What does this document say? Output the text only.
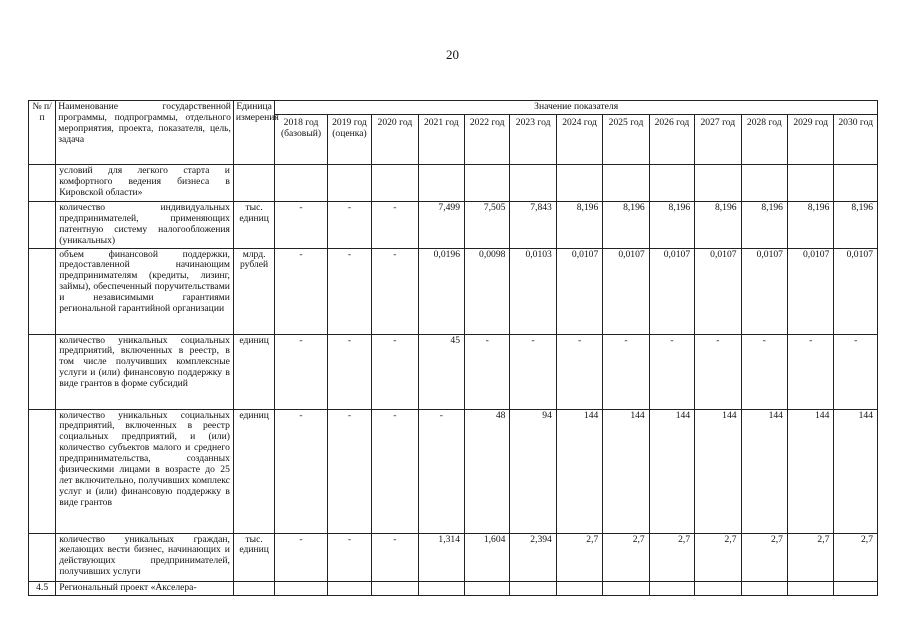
20
№ п/п	Наименование государственной программы, подпрограммы, отдельного мероприятия, проекта, показателя, цель, задача	Единица измерения	Значение показателя												
			2018 год (базовый)	2019 год (оценка)	2020 год	2021 год	2022 год	2023 год	2024 год	2025 год	2026 год	2027 год	2028 год	2029 год	2030 год
	условий для легкого старта и комфортного ведения бизнеса в Кировской области»														
	количество индивидуальных предпринимателей, применяющих патентную систему налогообложения (уникальных)	тыс. единиц	-	-	-	7,499	7,505	7,843	8,196	8,196	8,196	8,196	8,196	8,196	8,196
	объем финансовой поддержки, предоставленной начинающим предпринимателям (кредиты, лизинг, займы), обеспеченный поручительствами и независимыми гарантиями региональной гарантийной организации	млрд. рублей	-	-	-	0,0196	0,0098	0,0103	0,0107	0,0107	0,0107	0,0107	0,0107	0,0107	0,0107
	количество уникальных социальных предприятий, включенных в реестр, в том числе получивших комплексные услуги и (или) финансовую поддержку в виде грантов в форме субсидий	единиц	-	-	-	45	-	-	-	-	-	-	-	-	-
	количество уникальных социальных предприятий, включенных в реестр социальных предприятий, и (или) количество субъектов малого и среднего предпринимательства, созданных физическими лицами в возрасте до 25 лет включительно, получивших комплекс услуг и (или) финансовую поддержку в виде грантов	единиц	-	-	-	-	48	94	144	144	144	144	144	144	144
	количество уникальных граждан, желающих вести бизнес, начинающих и действующих предпринимателей, получивших услуги	тыс. единиц	-	-	-	1,314	1,604	2,394	2,7	2,7	2,7	2,7	2,7	2,7	2,7
4.5	Региональный проект «Акселера-														
